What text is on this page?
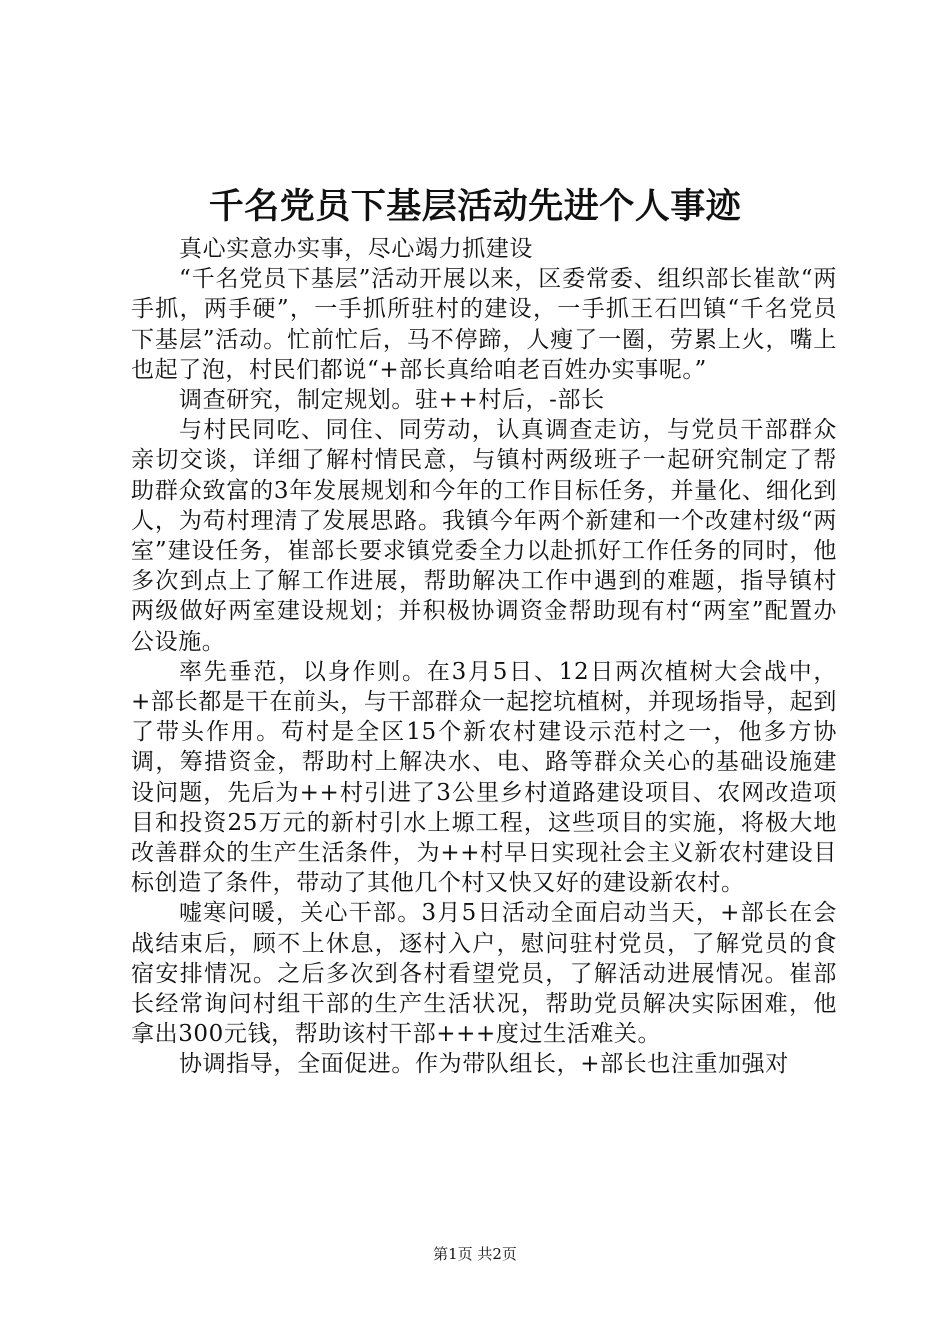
千名党员下基层活动先进个人事迹

真心实意办实事，尽心竭力抓建设

“千名党员下基层”活动开展以来，区委常委、组织部长崔歆“两手抓，两手硬”，一手抓所驻村的建设，一手抓王石凹镇“千名党员下基层”活动。忙前忙后，马不停蹄，人瘦了一圈，劳累上火，嘴上也起了泡，村民们都说“+部长真给咱老百姓办实事呢。”

调查研究，制定规划。驻++村后，-部长

与村民同吃、同住、同劳动，认真调查走访，与党员干部群众亲切交谈，详细了解村情民意，与镇村两级班子一起研究制定了帮助群众致富的3年发展规划和今年的工作目标任务，并量化、细化到人，为苟村理清了发展思路。我镇今年两个新建和一个改建村级“两室”建设任务，崔部长要求镇党委全力以赴抓好工作任务的同时，他多次到点上了解工作进展，帮助解决工作中遇到的难题，指导镇村两级做好两室建设规划；并积极协调资金帮助现有村“两室”配置办公设施。

率先垂范，以身作则。在3月5日、12日两次植树大会战中，+部长都是干在前头，与干部群众一起挖坑植树，并现场指导，起到了带头作用。苟村是全区15个新农村建设示范村之一，他多方协调，筹措资金，帮助村上解决水、电、路等群众关心的基础设施建设问题，先后为++村引进了3公里乡村道路建设项目、农网改造项目和投资25万元的新村引水上塬工程，这些项目的实施，将极大地改善群众的生产生活条件，为++村早日实现社会主义新农村建设目标创造了条件，带动了其他几个村又快又好的建设新农村。

嘘寒问暖，关心干部。3月5日活动全面启动当天，+部长在会战结束后，顾不上休息，逐村入户，慰问驻村党员，了解党员的食宿安排情况。之后多次到各村看望党员，了解活动进展情况。崔部长经常询问村组干部的生产生活状况，帮助党员解决实际困难，他拿出300元钱，帮助该村干部+++度过生活难关。

协调指导，全面促进。作为带队组长，+部长也注重加强对

第1页 共2页
